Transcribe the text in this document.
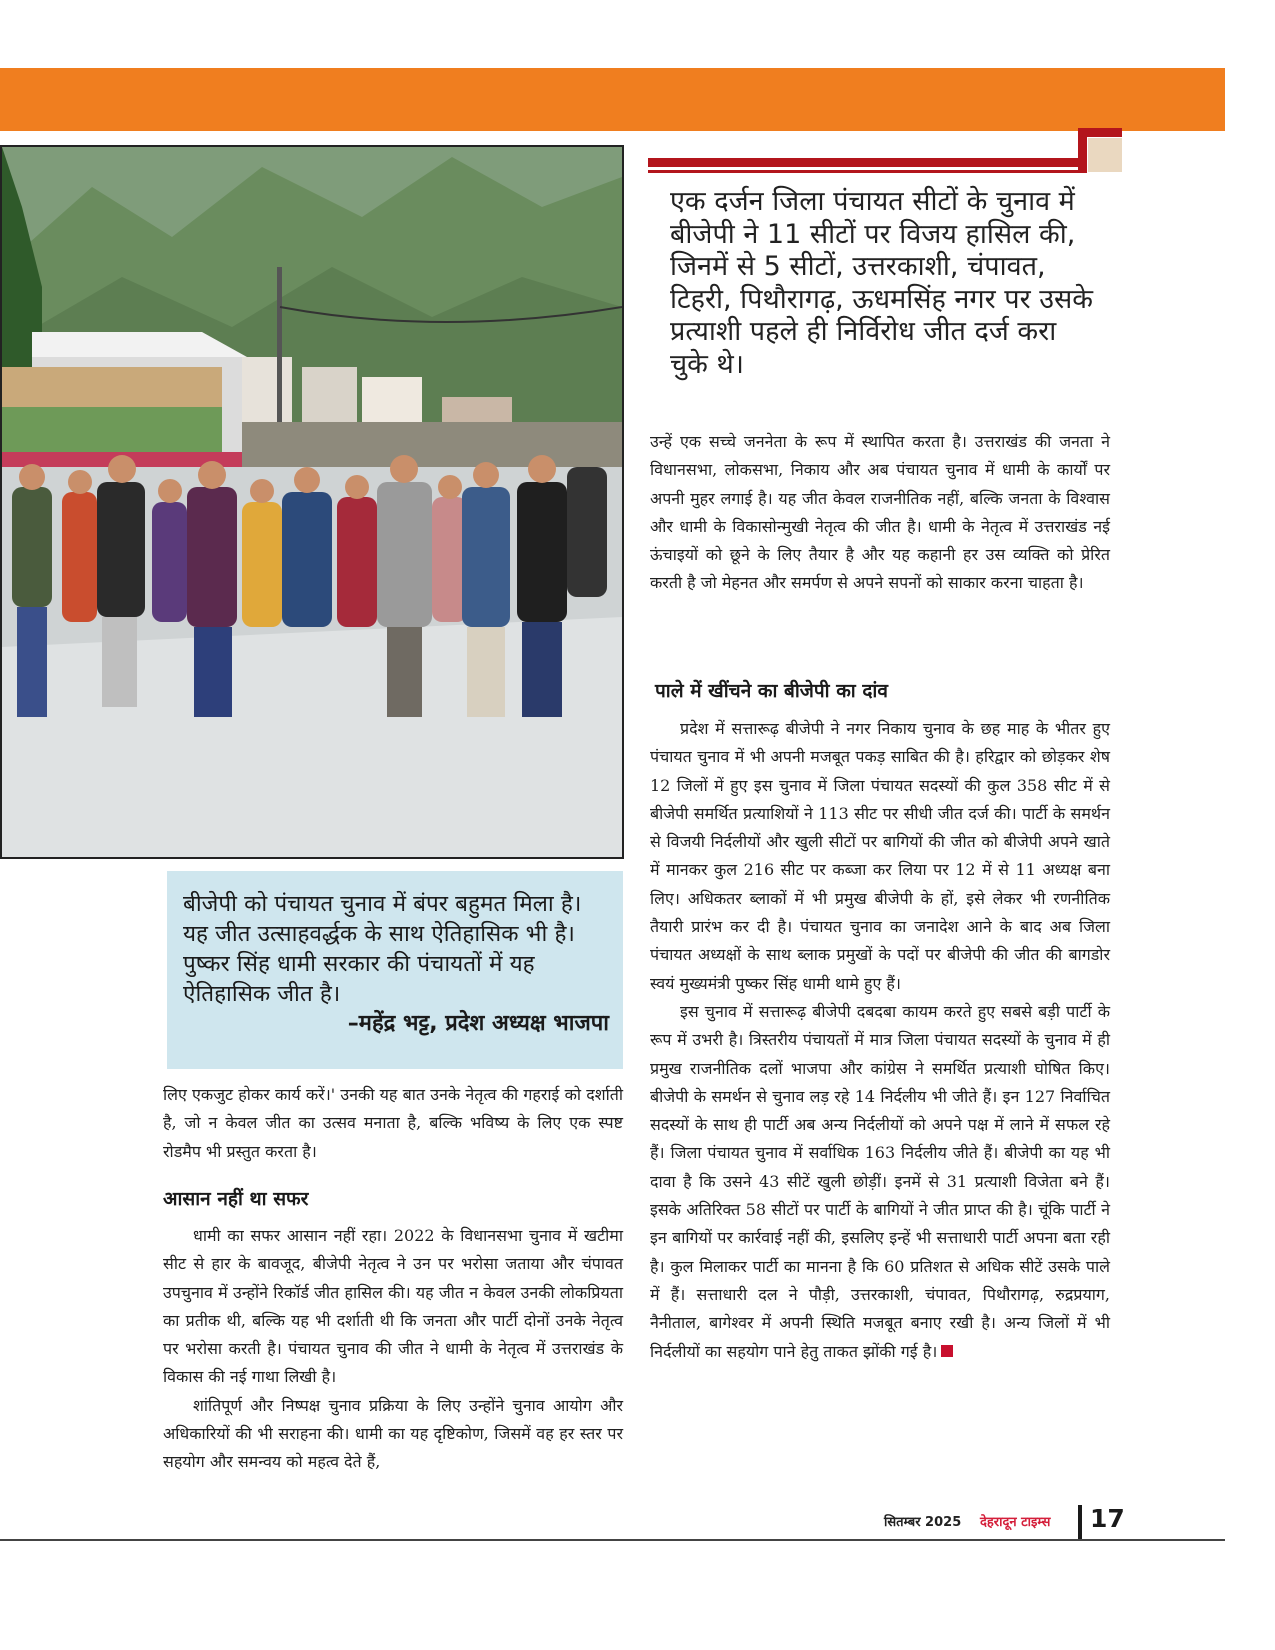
एक दर्जन जिला पंचायत सीटों के चुनाव में बीजेपी ने 11 सीटों पर विजय हासिल की, जिनमें से 5 सीटों, उत्तरकाशी, चंपावत, टिहरी, पिथौरागढ़, ऊधमसिंह नगर पर उसके प्रत्याशी पहले ही निर्विरोध जीत दर्ज करा चुके थे।

बीजेपी को पंचायत चुनाव में बंपर बहुमत मिला है। यह जीत उत्साहवर्द्धक के साथ ऐतिहासिक भी है। पुष्कर सिंह धामी सरकार की पंचायतों में यह ऐतिहासिक जीत है।

–महेंद्र भट्ट, प्रदेश अध्यक्ष भाजपा

लिए एकजुट होकर कार्य करें।' उनकी यह बात उनके नेतृत्व की गहराई को दर्शाती है, जो न केवल जीत का उत्सव मनाता है, बल्कि भविष्य के लिए एक स्पष्ट रोडमैप भी प्रस्तुत करता है।

आसान नहीं था सफर

धामी का सफर आसान नहीं रहा। 2022 के विधानसभा चुनाव में खटीमा सीट से हार के बावजूद, बीजेपी नेतृत्व ने उन पर भरोसा जताया और चंपावत उपचुनाव में उन्होंने रिकॉर्ड जीत हासिल की। यह जीत न केवल उनकी लोकप्रियता का प्रतीक थी, बल्कि यह भी दर्शाती थी कि जनता और पार्टी दोनों उनके नेतृत्व पर भरोसा करती है। पंचायत चुनाव की जीत ने धामी के नेतृत्व में उत्तराखंड के विकास की नई गाथा लिखी है।

शांतिपूर्ण और निष्पक्ष चुनाव प्रक्रिया के लिए उन्होंने चुनाव आयोग और अधिकारियों की भी सराहना की। धामी का यह दृष्टिकोण, जिसमें वह हर स्तर पर सहयोग और समन्वय को महत्व देते हैं,

उन्हें एक सच्चे जननेता के रूप में स्थापित करता है। उत्तराखंड की जनता ने विधानसभा, लोकसभा, निकाय और अब पंचायत चुनाव में धामी के कार्यों पर अपनी मुहर लगाई है। यह जीत केवल राजनीतिक नहीं, बल्कि जनता के विश्वास और धामी के विकासोन्मुखी नेतृत्व की जीत है। धामी के नेतृत्व में उत्तराखंड नई ऊंचाइयों को छूने के लिए तैयार है और यह कहानी हर उस व्यक्ति को प्रेरित करती है जो मेहनत और समर्पण से अपने सपनों को साकार करना चाहता है।

पाले में खींचने का बीजेपी का दांव

प्रदेश में सत्तारूढ़ बीजेपी ने नगर निकाय चुनाव के छह माह के भीतर हुए पंचायत चुनाव में भी अपनी मजबूत पकड़ साबित की है। हरिद्वार को छोड़कर शेष 12 जिलों में हुए इस चुनाव में जिला पंचायत सदस्यों की कुल 358 सीट में से बीजेपी समर्थित प्रत्याशियों ने 113 सीट पर सीधी जीत दर्ज की। पार्टी के समर्थन से विजयी निर्दलीयों और खुली सीटों पर बागियों की जीत को बीजेपी अपने खाते में मानकर कुल 216 सीट पर कब्जा कर लिया पर 12 में से 11 अध्यक्ष बना लिए। अधिकतर ब्लाकों में भी प्रमुख बीजेपी के हों, इसे लेकर भी रणनीतिक तैयारी प्रारंभ कर दी है। पंचायत चुनाव का जनादेश आने के बाद अब जिला पंचायत अध्यक्षों के साथ ब्लाक प्रमुखों के पदों पर बीजेपी की जीत की बागडोर स्वयं मुख्यमंत्री पुष्कर सिंह धामी थामे हुए हैं।

इस चुनाव में सत्तारूढ़ बीजेपी दबदबा कायम करते हुए सबसे बड़ी पार्टी के रूप में उभरी है। त्रिस्तरीय पंचायतों में मात्र जिला पंचायत सदस्यों के चुनाव में ही प्रमुख राजनीतिक दलों भाजपा और कांग्रेस ने समर्थित प्रत्याशी घोषित किए। बीजेपी के समर्थन से चुनाव लड़ रहे 14 निर्दलीय भी जीते हैं। इन 127 निर्वाचित सदस्यों के साथ ही पार्टी अब अन्य निर्दलीयों को अपने पक्ष में लाने में सफल रहे हैं। जिला पंचायत चुनाव में सर्वाधिक 163 निर्दलीय जीते हैं। बीजेपी का यह भी दावा है कि उसने 43 सीटें खुली छोड़ीं। इनमें से 31 प्रत्याशी विजेता बने हैं। इसके अतिरिक्त 58 सीटों पर पार्टी के बागियों ने जीत प्राप्त की है। चूंकि पार्टी ने इन बागियों पर कार्रवाई नहीं की, इसलिए इन्हें भी सत्ताधारी पार्टी अपना बता रही है। कुल मिलाकर पार्टी का मानना है कि 60 प्रतिशत से अधिक सीटें उसके पाले में हैं। सत्ताधारी दल ने पौड़ी, उत्तरकाशी, चंपावत, पिथौरागढ़, रुद्रप्रयाग, नैनीताल, बागेश्वर में अपनी स्थिति मजबूत बनाए रखी है। अन्य जिलों में भी निर्दलीयों का सहयोग पाने हेतु ताकत झोंकी गई है।

सितम्बर 2025 देहरादून टाइम्स 17
